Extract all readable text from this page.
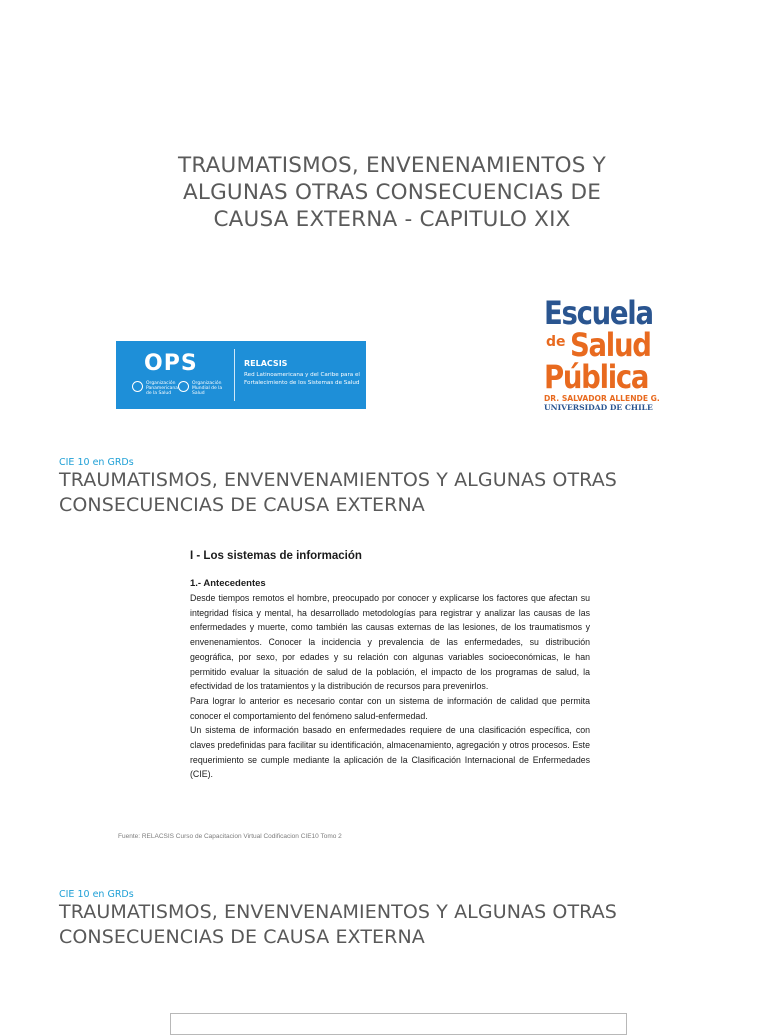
TRAUMATISMOS, ENVENENAMIENTOS Y
ALGUNAS OTRAS CONSECUENCIAS DE
CAUSA EXTERNA - CAPITULO XIX
OPS
Organización Panamericana de la Salud
Organización Mundial de la Salud
RELACSIS
Red Latinoamericana y del Caribe para el Fortalecimiento de los Sistemas de Salud
Escuela
de Salud
Pública
DR. SALVADOR ALLENDE G.
UNIVERSIDAD DE CHILE
CIE 10 en GRDs
TRAUMATISMOS, ENVENVENAMIENTOS Y ALGUNAS OTRAS
CONSECUENCIAS DE CAUSA EXTERNA
I - Los sistemas de información
1.- Antecedentes

Desde tiempos remotos el hombre, preocupado por conocer y explicarse los factores que afectan su integridad física y mental, ha desarrollado metodologías para registrar y analizar las causas de las enfermedades y muerte, como también las causas externas de las lesiones, de los traumatismos y envenenamientos. Conocer la incidencia y prevalencia de las enfermedades, su distribución geográfica, por sexo, por edades y su relación con algunas variables socioeconómicas, le han permitido evaluar la situación de salud de la población, el impacto de los programas de salud, la efectividad de los tratamientos y la distribución de recursos para prevenirlos.

Para lograr lo anterior es necesario contar con un sistema de información de calidad que permita conocer el comportamiento del fenómeno salud-enfermedad.

Un sistema de información basado en enfermedades requiere de una clasificación específica, con claves predefinidas para facilitar su identificación, almacenamiento, agregación y otros procesos. Este requerimiento se cumple mediante la aplicación de la Clasificación Internacional de Enfermedades (CIE).

Fuente: RELACSIS Curso de Capacitacion Virtual Codificacion CIE10 Tomo 2
CIE 10 en GRDs
TRAUMATISMOS, ENVENVENAMIENTOS Y ALGUNAS OTRAS
CONSECUENCIAS DE CAUSA EXTERNA
